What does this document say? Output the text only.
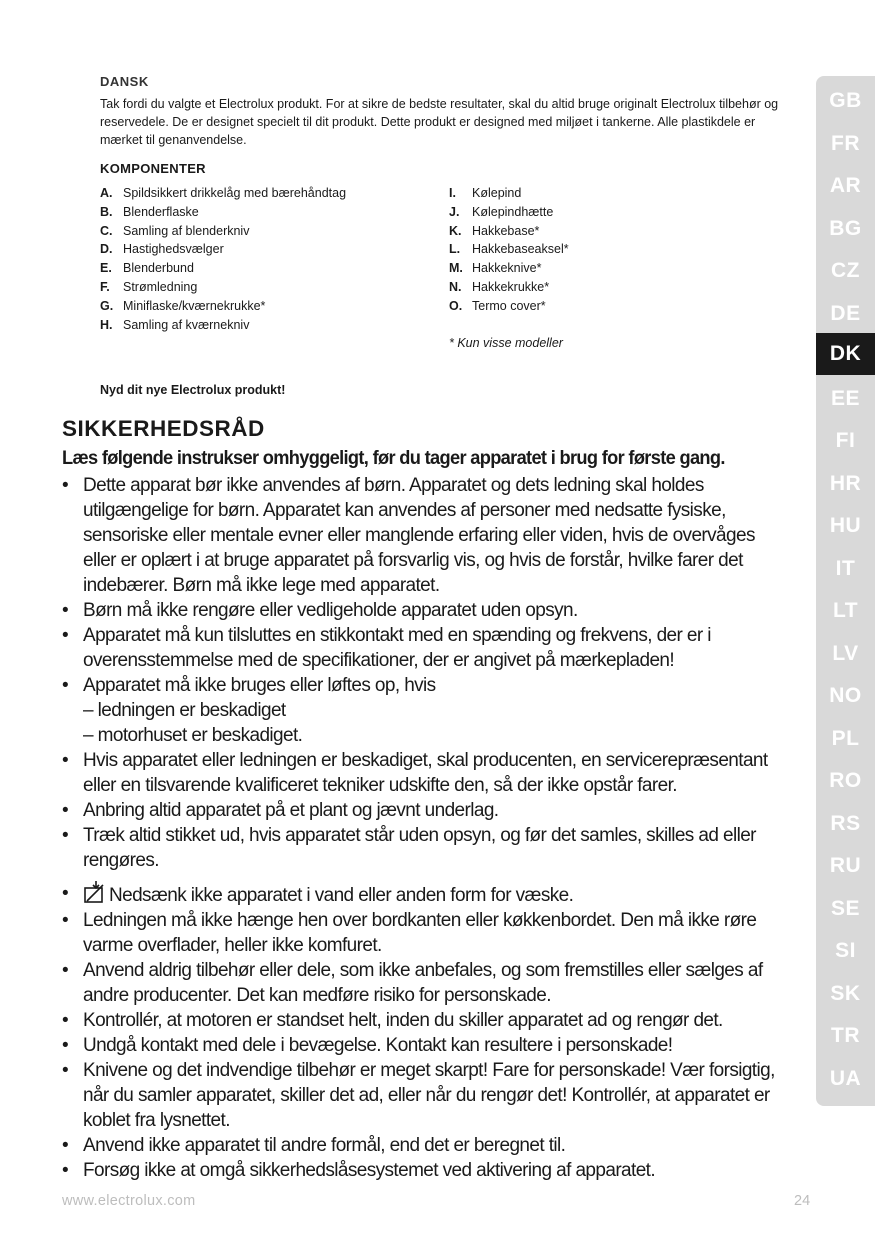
DANSK

Tak fordi du valgte et Electrolux produkt. For at sikre de bedste resultater, skal du altid bruge originalt Electrolux tilbehør og reservedele. De er designet specielt til dit produkt. Dette produkt er designed med miljøet i tankerne. Alle plastikdele er mærket til genanvendelse.

KOMPONENTER

A. Spildsikkert drikkelåg med bærehåndtag
B. Blenderflaske
C. Samling af blenderkniv
D. Hastighedsvælger
E. Blenderbund
F.	Strømledning
G. Miniflaske/kværnekrukke*
H. Samling af kværnekniv
I.	Kølepind
J.	Kølepindhætte
K. Hakkebase*
L. Hakkebaseaksel*
M. Hakkeknive*
N. Hakkekrukke*
O. Termo cover*
* Kun visse modeller
Nyd dit nye Electrolux produkt!
SIKKERHEDSRÅD

Læs følgende instrukser omhyggeligt, før du tager apparatet i brug for første gang.

• Dette apparat bør ikke anvendes af børn. Apparatet og dets ledning skal holdes
utilgængelige for børn. Apparatet kan anvendes af personer med nedsatte fysiske,
sensoriske eller mentale evner eller manglende erfaring eller viden, hvis de overvåges
eller er oplært i at bruge apparatet på forsvarlig vis, og hvis de forstår, hvilke farer det
indebærer. Børn må ikke lege med apparatet.
• Børn må ikke rengøre eller vedligeholde apparatet uden opsyn.
• Apparatet må kun tilsluttes en stikkontakt med en spænding og frekvens, der er i
overensstemmelse med de specifikationer, der er angivet på mærkepladen!
• Apparatet må ikke bruges eller løftes op, hvis
– ledningen er beskadiget
– motorhuset er beskadiget.
• Hvis apparatet eller ledningen er beskadiget, skal producenten, en servicerepræsentant
eller en tilsvarende kvalificeret tekniker udskifte den, så der ikke opstår farer.
• Anbring altid apparatet på et plant og jævnt underlag.
• Træk altid stikket ud, hvis apparatet står uden opsyn, og før det samles, skilles ad eller
rengøres.
• Nedsænk ikke apparatet i vand eller anden form for væske.
• Ledningen må ikke hænge hen over bordkanten eller køkkenbordet. Den må ikke røre
varme overflader, heller ikke komfuret.
• Anvend aldrig tilbehør eller dele, som ikke anbefales, og som fremstilles eller sælges af
andre producenter. Det kan medføre risiko for personskade.
• Kontrollér, at motoren er standset helt, inden du skiller apparatet ad og rengør det.
• Undgå kontakt med dele i bevægelse. Kontakt kan resultere i personskade!
• Knivene og det indvendige tilbehør er meget skarpt! Fare for personskade! Vær forsigtig,
når du samler apparatet, skiller det ad, eller når du rengør det! Kontrollér, at apparatet er
koblet fra lysnettet.
• Anvend ikke apparatet til andre formål, end det er beregnet til.
• Forsøg ikke at omgå sikkerhedslåsesystemet ved aktivering af apparatet.
GB
FR
AR
BG
CZ
DE
DK
EE
FI
HR
HU
IT
LT
LV
NO
PL
RO
RS
RU
SE
SI
SK
TR
UA
www.electrolux.com	24
